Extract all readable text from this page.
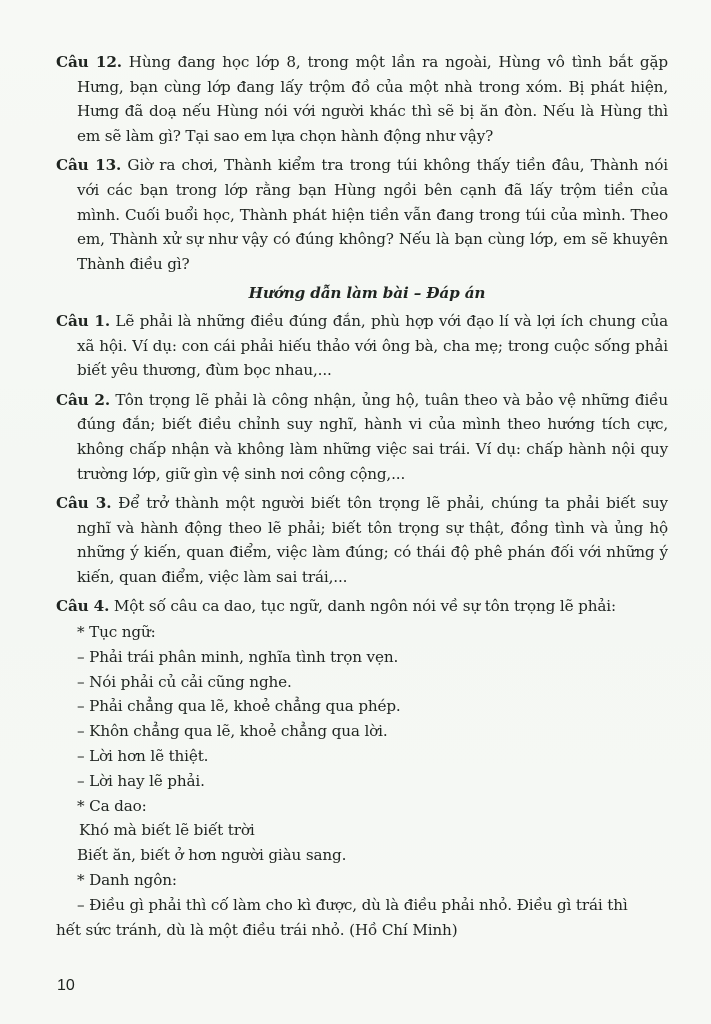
Câu 12. Hùng đang học lớp 8, trong một lần ra ngoài, Hùng vô tình bắt gặp Hưng, bạn cùng lớp đang lấy trộm đồ của một nhà trong xóm. Bị phát hiện, Hưng đã doạ nếu Hùng nói với người khác thì sẽ bị ăn đòn. Nếu là Hùng thì em sẽ làm gì? Tại sao em lựa chọn hành động như vậy?

Câu 13. Giờ ra chơi, Thành kiểm tra trong túi không thấy tiền đâu, Thành nói với các bạn trong lớp rằng bạn Hùng ngồi bên cạnh đã lấy trộm tiền của mình. Cuối buổi học, Thành phát hiện tiền vẫn đang trong túi của mình. Theo em, Thành xử sự như vậy có đúng không? Nếu là bạn cùng lớp, em sẽ khuyên Thành điều gì?

Hướng dẫn làm bài – Đáp án

Câu 1. Lẽ phải là những điều đúng đắn, phù hợp với đạo lí và lợi ích chung của xã hội. Ví dụ: con cái phải hiếu thảo với ông bà, cha mẹ; trong cuộc sống phải biết yêu thương, đùm bọc nhau,...

Câu 2. Tôn trọng lẽ phải là công nhận, ủng hộ, tuân theo và bảo vệ những điều đúng đắn; biết điều chỉnh suy nghĩ, hành vi của mình theo hướng tích cực, không chấp nhận và không làm những việc sai trái. Ví dụ: chấp hành nội quy trường lớp, giữ gìn vệ sinh nơi công cộng,...

Câu 3. Để trở thành một người biết tôn trọng lẽ phải, chúng ta phải biết suy nghĩ và hành động theo lẽ phải; biết tôn trọng sự thật, đồng tình và ủng hộ những ý kiến, quan điểm, việc làm đúng; có thái độ phê phán đối với những ý kiến, quan điểm, việc làm sai trái,...

Câu 4. Một số câu ca dao, tục ngữ, danh ngôn nói về sự tôn trọng lẽ phải:

* Tục ngữ:

– Phải trái phân minh, nghĩa tình trọn vẹn.

– Nói phải củ cải cũng nghe.

– Phải chẳng qua lẽ, khoẻ chẳng qua phép.

– Khôn chẳng qua lẽ, khoẻ chẳng qua lời.

– Lời hơn lẽ thiệt.

– Lời hay lẽ phải.

* Ca dao:

Khó mà biết lẽ biết trời

Biết ăn, biết ở hơn người giàu sang.

* Danh ngôn:

– Điều gì phải thì cố làm cho kì được, dù là điều phải nhỏ. Điều gì trái thì

hết sức tránh, dù là một điều trái nhỏ. (Hồ Chí Minh)

10
